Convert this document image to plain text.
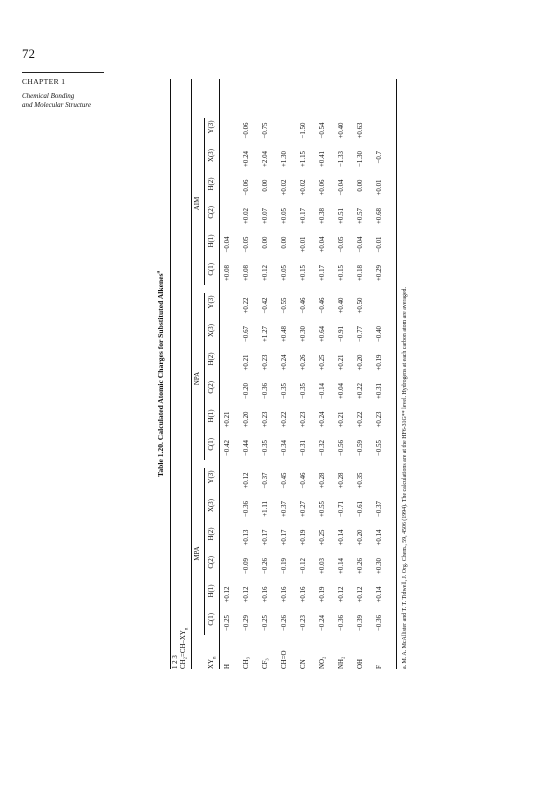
72
CHAPTER 1
Chemical Bonding
and Molecular Structure
Table 1.20. Calculated Atomic Charges for Substituted Alkenes$^a$
1 2 3 $CH_2=CH-XY_n$
MPA
NPA
AIM
$XY_n$
C(1)
H(1)
C(2)
H(2)
X(3)
Y(3)
C(1)
H(1)
C(2)
H(2)
X(3)
Y(3)
C(1)
H(1)
C(2)
H(2)
X(3)
Y(3)
H
−0.25
+0.12
−0.42
+0.21
+0.08
−0.04
CH₃
−0.29
+0.12
−0.09
+0.13
−0.36
+0.12
−0.44
+0.20
−0.20
+0.21
−0.67
+0.22
+0.08
−0.05
+0.02
−0.06
+0.24
−0.06
CF₃
−0.25
+0.16
−0.26
+0.17
+1.11
−0.37
−0.35
+0.23
−0.36
+0.23
+1.27
−0.42
+0.12
0.00
+0.07
0.00
+2.04
−0.75
CH=O
−0.26
+0.16
−0.19
+0.17
+0.37
−0.45
−0.34
+0.22
−0.35
+0.24
+0.48
−0.55
+0.05
0.00
+0.05
+0.02
+1.30
CN
−0.23
+0.16
−0.12
+0.19
+0.27
−0.46
−0.31
+0.23
−0.35
+0.26
+0.30
−0.46
+0.15
+0.01
+0.17
+0.02
+1.15
−1.50
NO₂
−0.24
+0.19
+0.03
+0.25
+0.55
+0.28
−0.32
+0.24
−0.14
+0.25
+0.64
−0.46
+0.17
+0.04
+0.38
+0.06
+0.41
−0.54
NH₂
−0.36
+0.12
+0.14
+0.14
−0.71
+0.28
−0.56
+0.21
+0.04
+0.21
−0.91
+0.40
+0.15
−0.05
+0.51
−0.04
−1.33
+0.40
OH
−0.39
+0.12
+0.26
+0.20
−0.61
+0.35
−0.59
+0.22
+0.22
+0.20
−0.77
+0.50
+0.18
−0.04
+0.57
0.00
−1.30
+0.63
F
−0.36
+0.14
+0.30
+0.14
−0.37
−0.55
+0.23
+0.31
+0.19
−0.40
+0.29
−0.01
+0.68
+0.01
−0.7
a. M. A. McAllister and T. T. Tidwell, J. Org. Chem., 59, 4506 (1994). The calculations are at the HF6-31G** level. Hydrogens at each carbon atom are averaged.
